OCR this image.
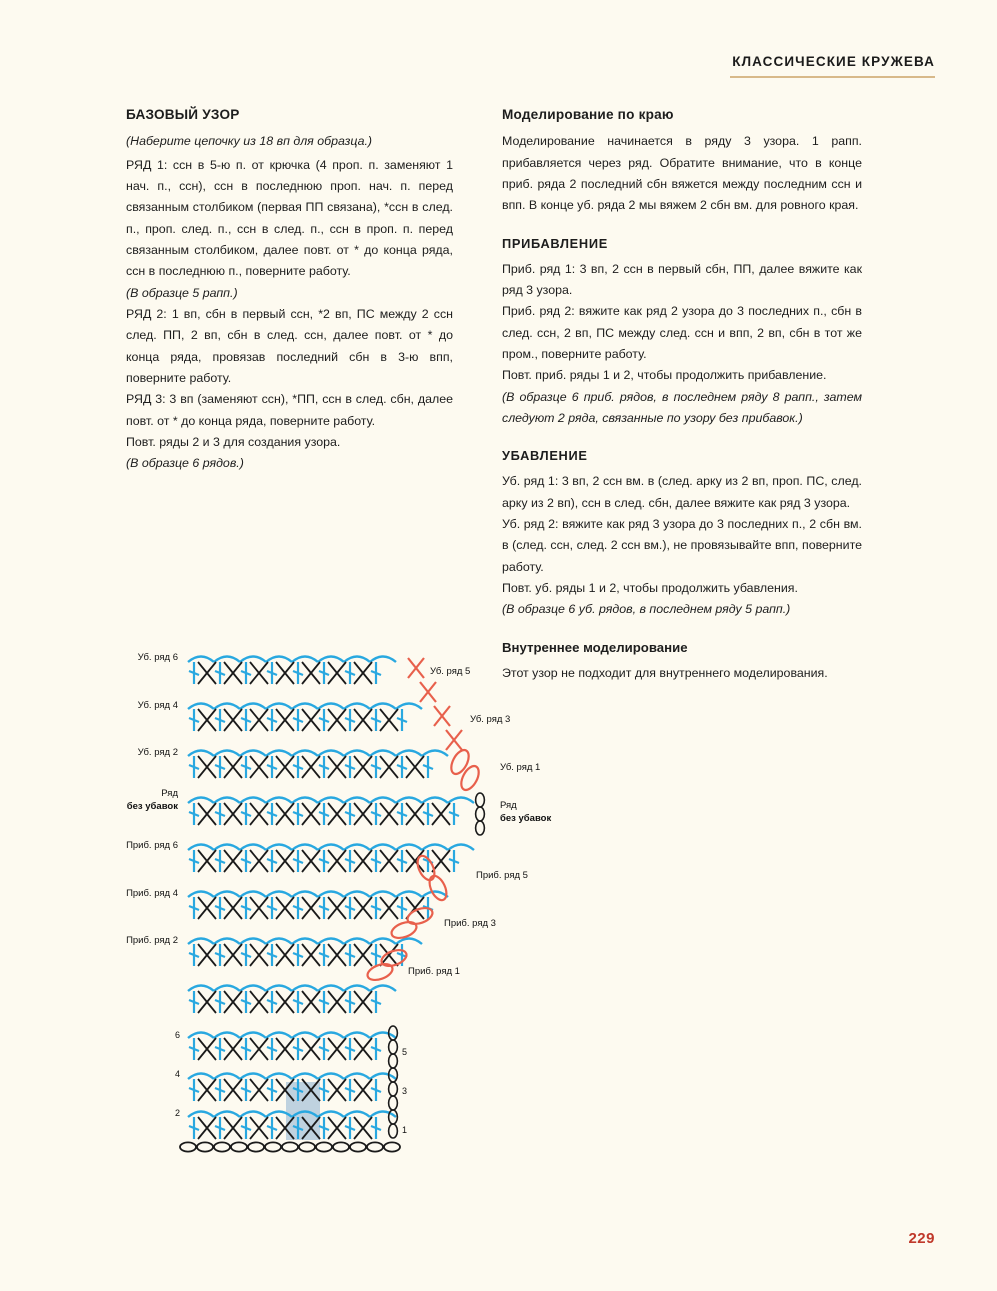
КЛАССИЧЕСКИЕ КРУЖЕВА
БАЗОВЫЙ УЗОР

(Наберите цепочку из 18 вп для образца.)

РЯД 1: ссн в 5-ю п. от крючка (4 проп. п. заменяют 1 нач. п., ссн), ссн в последнюю проп. нач. п. перед связанным столбиком (первая ПП связана), *ссн в след. п., проп. след. п., ссн в след. п., ссн в проп. п. перед связанным столбиком, далее повт. от * до конца ряда, ссн в последнюю п., поверните работу.

(В образце 5 рапп.)

РЯД 2: 1 вп, сбн в первый ссн, *2 вп, ПС между 2 ссн след. ПП, 2 вп, сбн в след. ссн, далее повт. от * до конца ряда, провязав последний сбн в 3-ю впп, поверните работу.

РЯД 3: 3 вп (заменяют ссн), *ПП, ссн в след. сбн, далее повт. от * до конца ряда, поверните работу.

Повт. ряды 2 и 3 для создания узора.

(В образце 6 рядов.)

Моделирование по краю

Моделирование начинается в ряду 3 узора. 1 рапп. прибавляется через ряд. Обратите внимание, что в конце приб. ряда 2 последний сбн вяжется между последним ссн и впп. В конце уб. ряда 2 мы вяжем 2 сбн вм. для ровного края.

ПРИБАВЛЕНИЕ

Приб. ряд 1: 3 вп, 2 ссн в первый сбн, ПП, далее вяжите как ряд 3 узора.

Приб. ряд 2: вяжите как ряд 2 узора до 3 последних п., сбн в след. ссн, 2 вп, ПС между след. ссн и впп, 2 вп, сбн в тот же пром., поверните работу.

Повт. приб. ряды 1 и 2, чтобы продолжить прибавление.

(В образце 6 приб. рядов, в последнем ряду 8 рапп., затем следуют 2 ряда, связанные по узору без прибавок.)

УБАВЛЕНИЕ

Уб. ряд 1: 3 вп, 2 ссн вм. в (след. арку из 2 вп, проп. ПС, след. арку из 2 вп), ссн в след. сбн, далее вяжите как ряд 3 узора.

Уб. ряд 2: вяжите как ряд 3 узора до 3 последних п., 2 сбн вм. в (след. ссн, след. 2 ссн вм.), не провязывайте впп, поверните работу.

Повт. уб. ряды 1 и 2, чтобы продолжить убавления.

(В образце 6 уб. рядов, в последнем ряду 5 рапп.)

Внутреннее моделирование

Этот узор не подходит для внутреннего моделирования.

Уб. ряд 6
Уб. ряд 4
Уб. ряд 2
Ряд
без убавок
Приб. ряд 6
Приб. ряд 4
Приб. ряд 2
Уб. ряд 5
Уб. ряд 3
Уб. ряд 1
Ряд
без убавок
Приб. ряд 5
Приб. ряд 3
Приб. ряд 1
6
4
2
5
3
1
229
